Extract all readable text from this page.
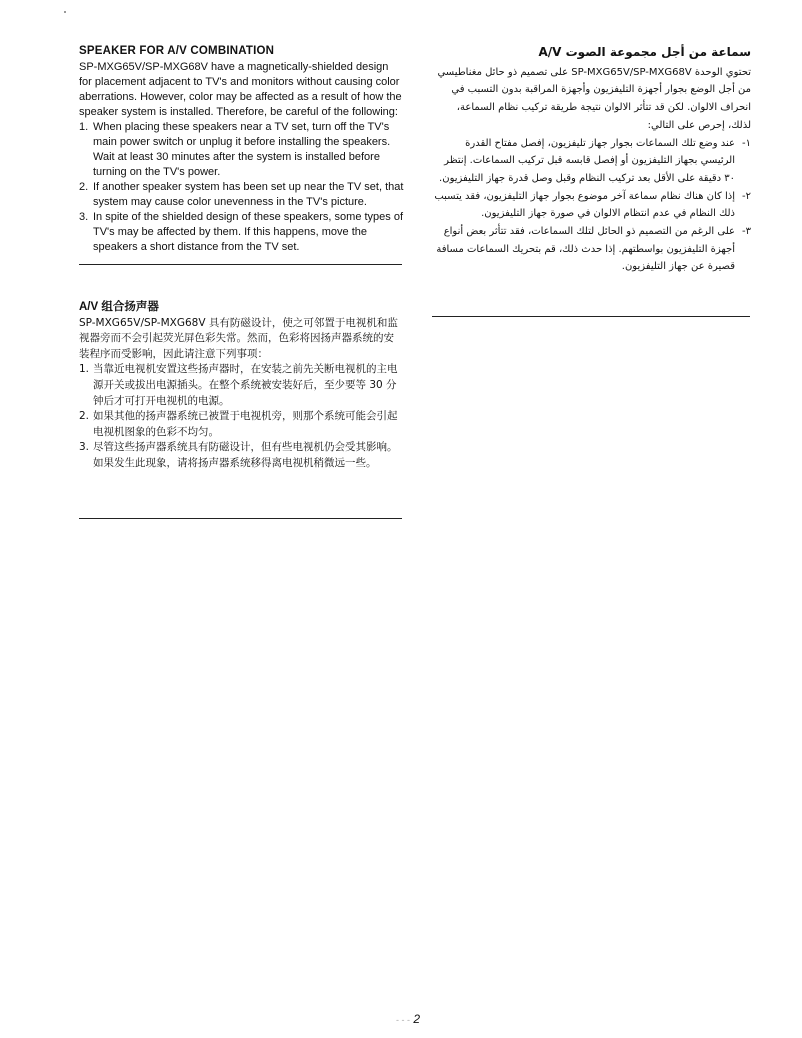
SPEAKER FOR A/V COMBINATION

SP-MXG65V/SP-MXG68V have a magnetically-shielded design for placement adjacent to TV's and monitors without causing color aberrations. However, color may be affected as a result of how the speaker system is installed. Therefore, be careful of the following:

1. When placing these speakers near a TV set, turn off the TV's main power switch or unplug it before installing the speakers. Wait at least 30 minutes after the system is installed before turning on the TV's power.
2. If another speaker system has been set up near the TV set, that system may cause color unevenness in the TV's picture.
3. In spite of the shielded design of these speakers, some types of TV's may be affected by them. If this happens, move the speakers a short distance from the TV set.
A/V 组合扬声器

SP-MXG65V/SP-MXG68V 具有防磁设计，使之可邻置于电视机和监视器旁而不会引起荧光屏色彩失常。然而，色彩将因扬声器系统的安装程序而受影响，因此请注意下列事项：

1. 当靠近电视机安置这些扬声器时，在安装之前先关断电视机的主电源开关或拔出电源插头。在整个系统被安装好后，至少要等 30 分钟后才可打开电视机的电源。
2. 如果其他的扬声器系统已被置于电视机旁，则那个系统可能会引起电视机图象的色彩不均匀。
3. 尽管这些扬声器系统具有防磁设计，但有些电视机仍会受其影响。如果发生此现象，请将扬声器系统移得离电视机稍微远一些。
سماعة من أجل مجموعة الصوت A/V

تحتوي الوحدة SP-MXG65V/SP-MXG68V على تصميم ذو حائل مغناطيسي من أجل الوضع بجوار أجهزة التليفزيون وأجهزة المراقبة بدون التسبب في انحراف الالوان. لكن قد تتأثر الالوان نتيجة طريقة تركيب نظام السماعة، لذلك، إحرص على التالي:

١-
عند وضع تلك السماعات بجوار جهاز تليفزيون، إفصل مفتاح القدرة الرئيسي بجهاز التليفزيون أو إفصل قابسه قبل تركيب السماعات. إنتظر ٣٠ دقيقة على الأقل بعد تركيب النظام وقبل وصل قدرة جهاز التليفزيون.
٢-
إذا كان هناك نظام سماعة آخر موضوع بجوار جهاز التليفزيون، فقد يتسبب ذلك النظام في عدم انتظام الالوان في صورة جهاز التليفزيون.
٣-
على الرغم من التصميم ذو الحائل لتلك السماعات، فقد تتأثر بعض أنواع أجهزة التليفزيون بواسطتهم. إذا حدث ذلك، قم بتحريك السماعات مسافة قصيرة عن جهاز التليفزيون.
- - - 2
